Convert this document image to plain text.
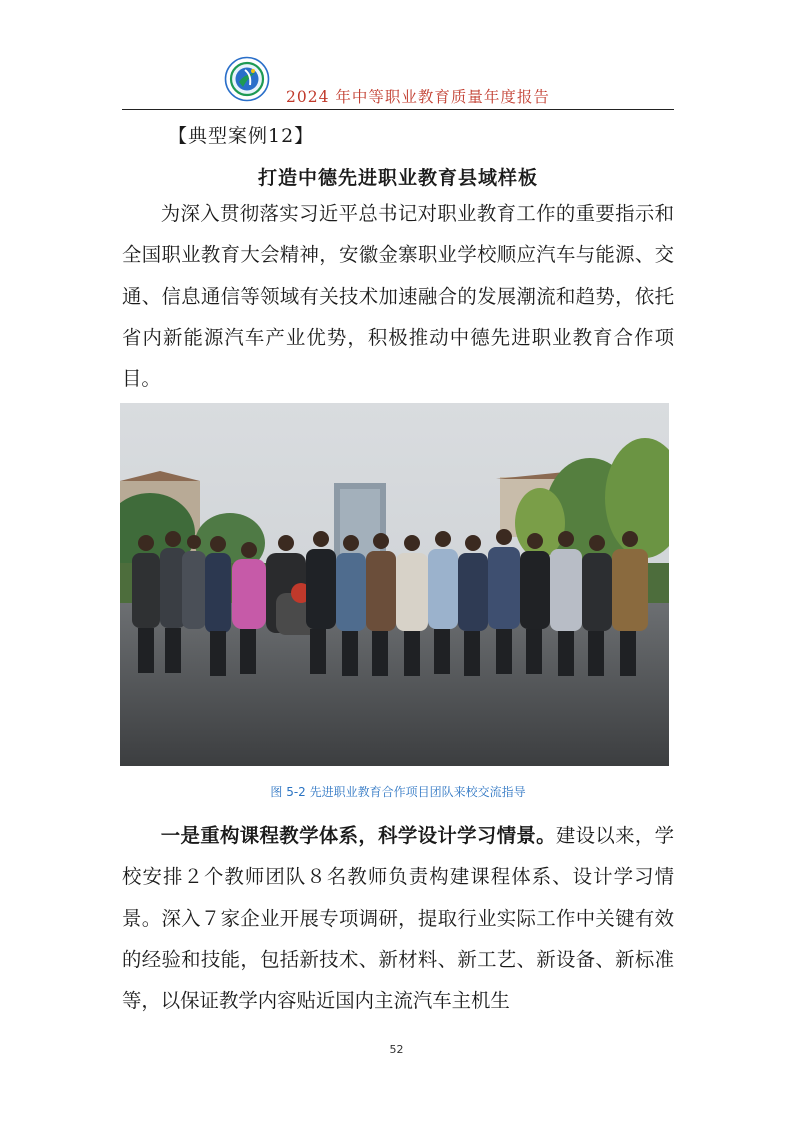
2024 年中等职业教育质量年度报告
【典型案例12】
打造中德先进职业教育县域样板

为深入贯彻落实习近平总书记对职业教育工作的重要指示和全国职业教育大会精神，安徽金寨职业学校顺应汽车与能源、交通、信息通信等领域有关技术加速融合的发展潮流和趋势，依托省内新能源汽车产业优势，积极推动中德先进职业教育合作项目。

图 5-2 先进职业教育合作项目团队来校交流指导

一是重构课程教学体系，科学设计学习情景。建设以来，学校安排２个教师团队８名教师负责构建课程体系、设计学习情景。深入７家企业开展专项调研，提取行业实际工作中关键有效的经验和技能，包括新技术、新材料、新工艺、新设备、新标准等，以保证教学内容贴近国内主流汽车主机生

52
